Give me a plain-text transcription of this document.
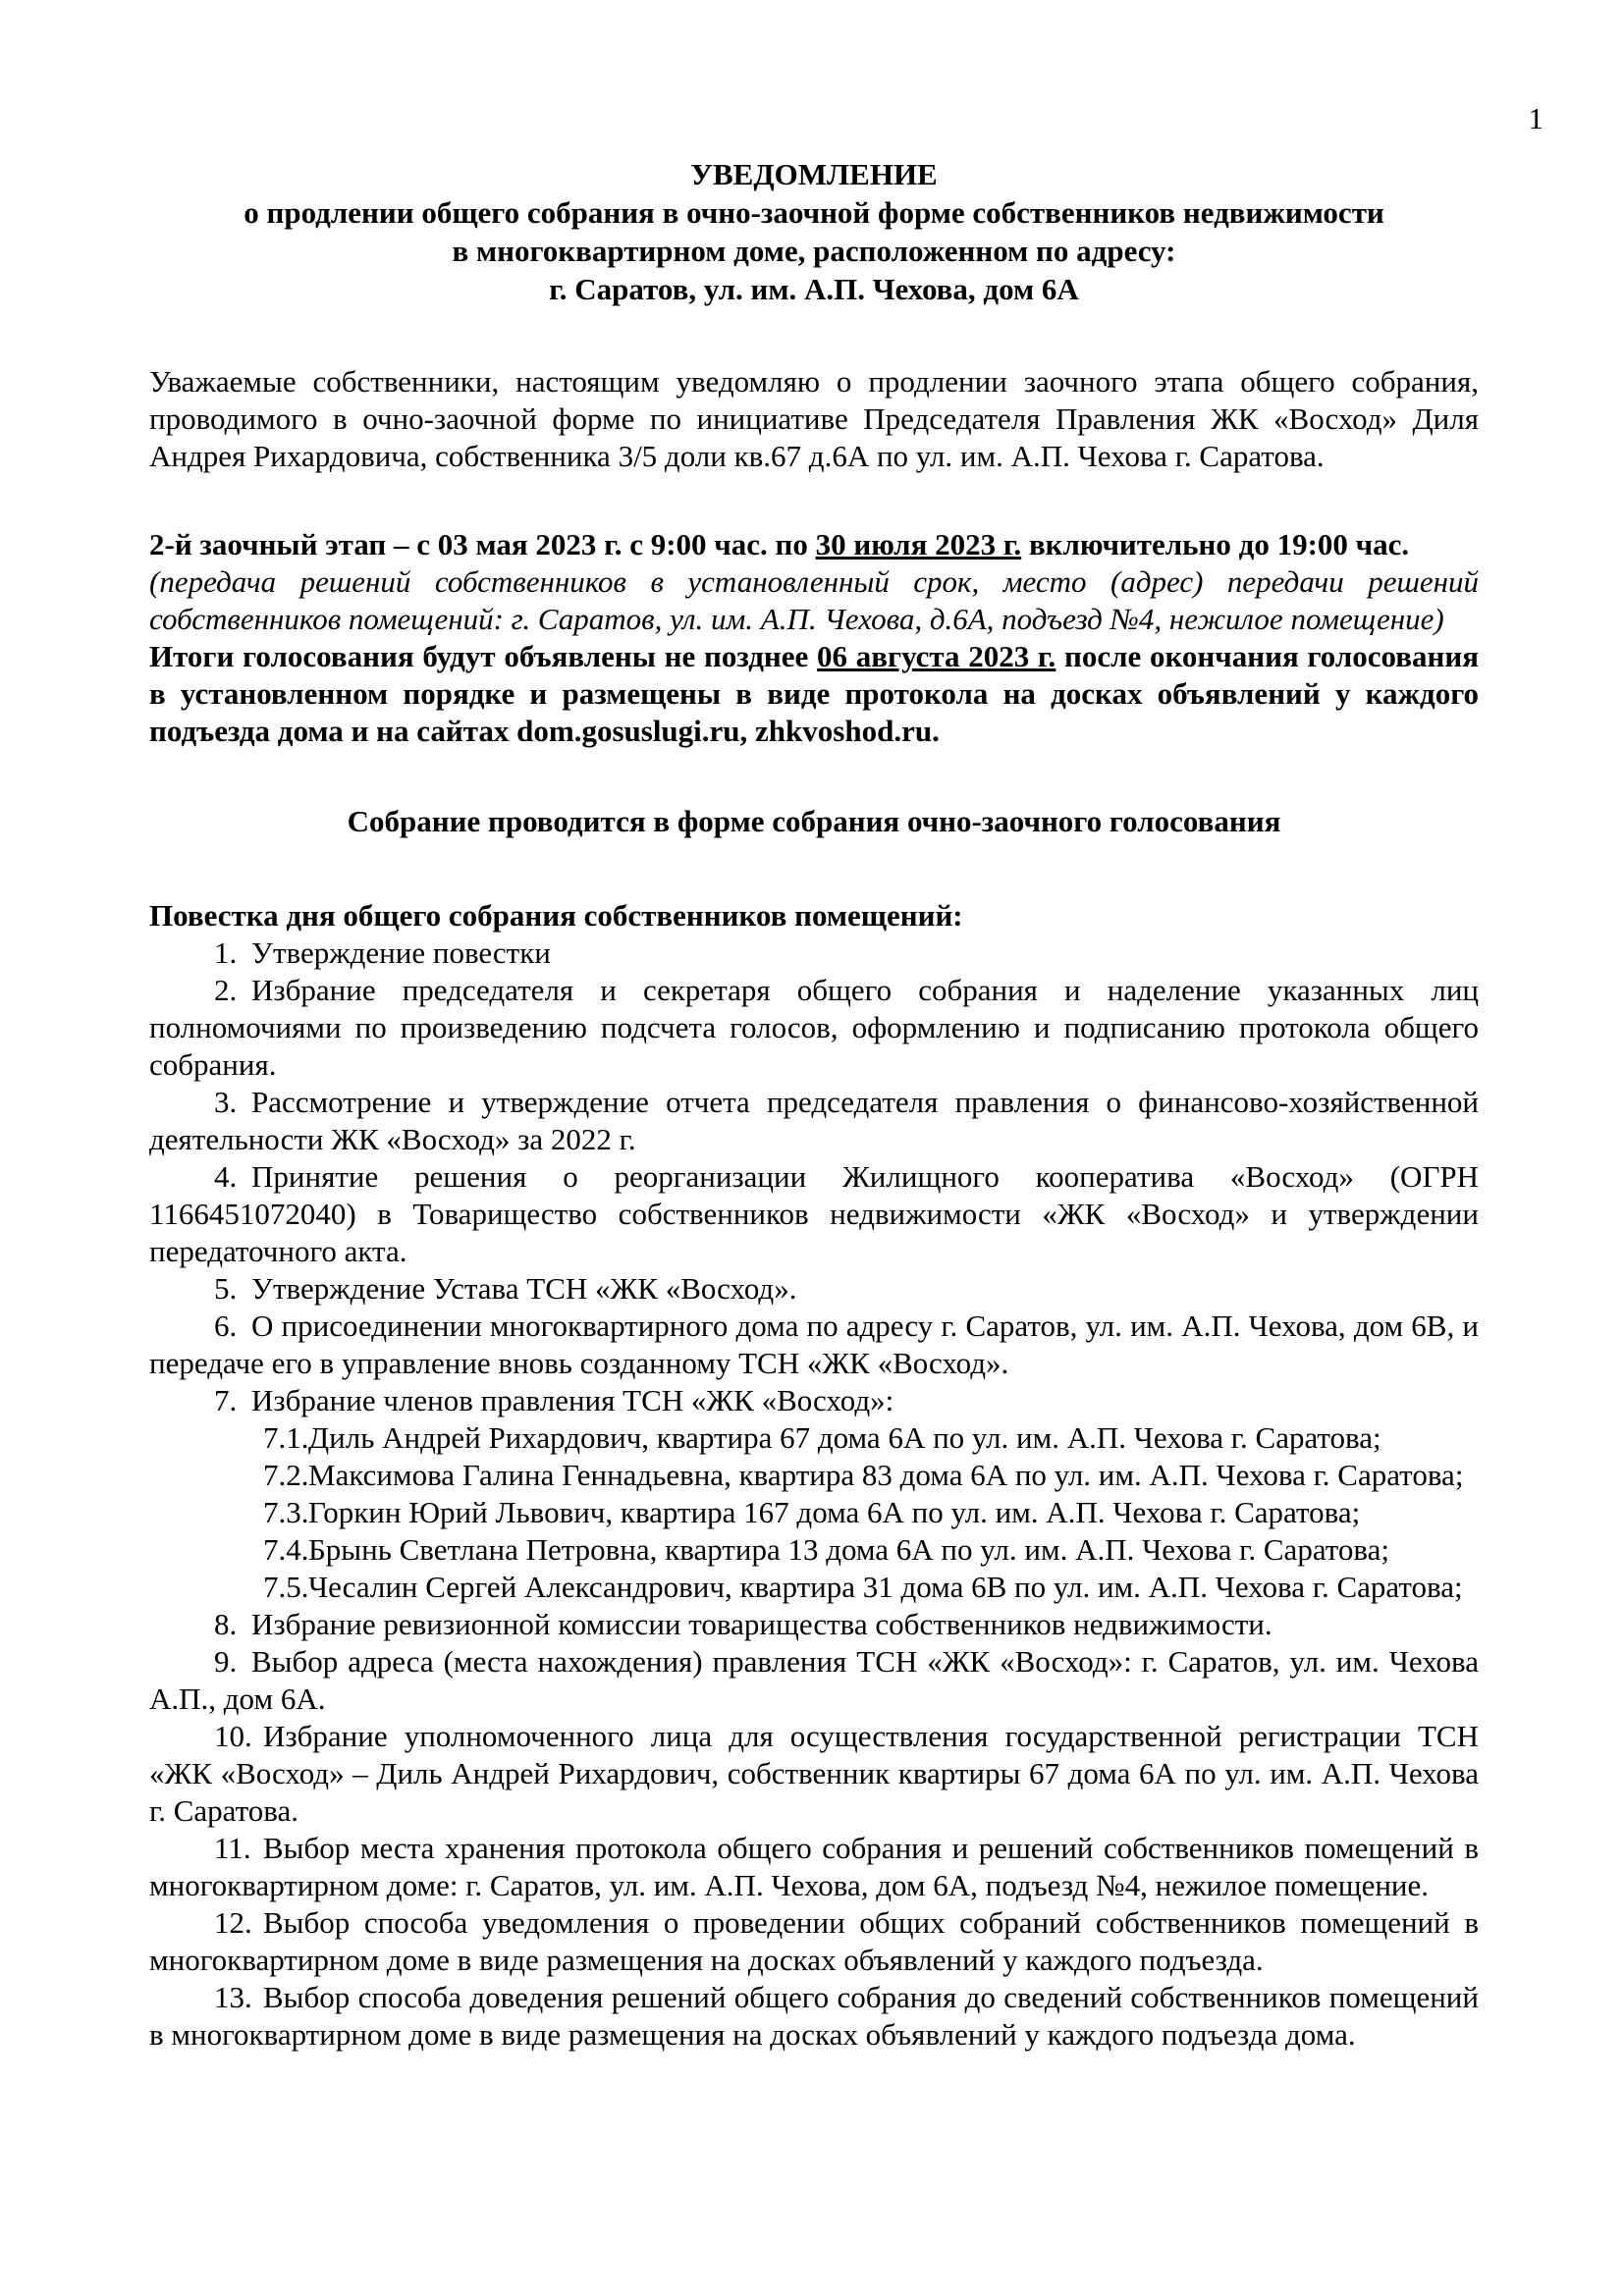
1
УВЕДОМЛЕНИЕ
о продлении общего собрания в очно-заочной форме собственников недвижимости
в многоквартирном доме, расположенном по адресу:
г. Саратов, ул. им. А.П. Чехова, дом 6А

Уважаемые собственники, настоящим уведомляю о продлении заочного этапа общего собрания, проводимого в очно-заочной форме по инициативе Председателя Правления ЖК «Восход» Диля Андрея Рихардовича, собственника 3/5 доли кв.67 д.6А по ул. им. А.П. Чехова г. Саратова.

2-й заочный этап – с 03 мая 2023 г. с 9:00 час. по 30 июля 2023 г. включительно до 19:00 час.

(передача решений собственников в установленный срок, место (адрес) передачи решений собственников помещений: г. Саратов, ул. им. А.П. Чехова, д.6А, подъезд №4, нежилое помещение)

Итоги голосования будут объявлены не позднее 06 августа 2023 г. после окончания голосования в установленном порядке и размещены в виде протокола на досках объявлений у каждого подъезда дома и на сайтах dom.gosuslugi.ru, zhkvoshod.ru.

Собрание проводится в форме собрания очно-заочного голосования
Повестка дня общего собрания собственников помещений:
1. Утверждение повестки
2. Избрание председателя и секретаря общего собрания и наделение указанных лиц полномочиями по произведению подсчета голосов, оформлению и подписанию протокола общего собрания.
3. Рассмотрение и утверждение отчета председателя правления о финансово-хозяйственной деятельности ЖК «Восход» за 2022 г.
4. Принятие решения о реорганизации Жилищного кооператива «Восход» (ОГРН 1166451072040) в Товарищество собственников недвижимости «ЖК «Восход» и утверждении передаточного акта.
5. Утверждение Устава ТСН «ЖК «Восход».
6. О присоединении многоквартирного дома по адресу г. Саратов, ул. им. А.П. Чехова, дом 6В, и передаче его в управление вновь созданному ТСН «ЖК «Восход».
7. Избрание членов правления ТСН «ЖК «Восход»:
7.1.Диль Андрей Рихардович, квартира 67 дома 6А по ул. им. А.П. Чехова г. Саратова;
7.2.Максимова Галина Геннадьевна, квартира 83 дома 6А по ул. им. А.П. Чехова г. Саратова;
7.3.Горкин Юрий Львович, квартира 167 дома 6А по ул. им. А.П. Чехова г. Саратова;
7.4.Брынь Светлана Петровна, квартира 13 дома 6А по ул. им. А.П. Чехова г. Саратова;
7.5.Чесалин Сергей Александрович, квартира 31 дома 6В по ул. им. А.П. Чехова г. Саратова;
8. Избрание ревизионной комиссии товарищества собственников недвижимости.
9. Выбор адреса (места нахождения) правления ТСН «ЖК «Восход»: г. Саратов, ул. им. Чехова А.П., дом 6А.
10. Избрание уполномоченного лица для осуществления государственной регистрации ТСН «ЖК «Восход» – Диль Андрей Рихардович, собственник квартиры 67 дома 6А по ул. им. А.П. Чехова г. Саратова.
11. Выбор места хранения протокола общего собрания и решений собственников помещений в многоквартирном доме: г. Саратов, ул. им. А.П. Чехова, дом 6А, подъезд №4, нежилое помещение.
12. Выбор способа уведомления о проведении общих собраний собственников помещений в многоквартирном доме в виде размещения на досках объявлений у каждого подъезда.
13. Выбор способа доведения решений общего собрания до сведений собственников помещений в многоквартирном доме в виде размещения на досках объявлений у каждого подъезда дома.
